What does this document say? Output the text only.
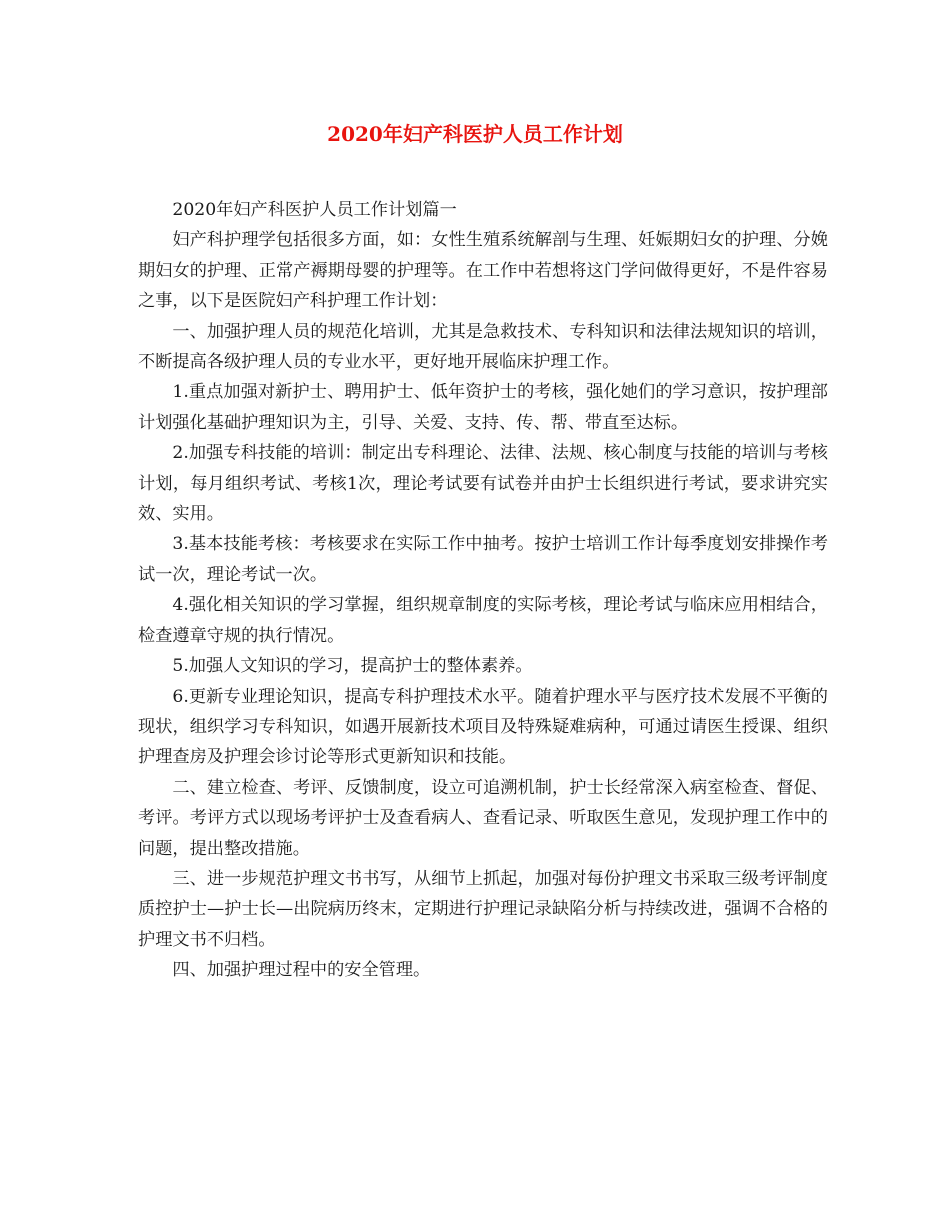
2020年妇产科医护人员工作计划

2020年妇产科医护人员工作计划篇一

妇产科护理学包括很多方面，如：女性生殖系统解剖与生理、妊娠期妇女的护理、分娩期妇女的护理、正常产褥期母婴的护理等。在工作中若想将这门学问做得更好，不是件容易之事，以下是医院妇产科护理工作计划：

一、加强护理人员的规范化培训，尤其是急救技术、专科知识和法律法规知识的培训，不断提高各级护理人员的专业水平，更好地开展临床护理工作。

1.重点加强对新护士、聘用护士、低年资护士的考核，强化她们的学习意识，按护理部计划强化基础护理知识为主，引导、关爱、支持、传、帮、带直至达标。

2.加强专科技能的培训：制定出专科理论、法律、法规、核心制度与技能的培训与考核计划，每月组织考试、考核1次，理论考试要有试卷并由护士长组织进行考试，要求讲究实效、实用。

3.基本技能考核：考核要求在实际工作中抽考。按护士培训工作计每季度划安排操作考试一次，理论考试一次。

4.强化相关知识的学习掌握，组织规章制度的实际考核，理论考试与临床应用相结合，检查遵章守规的执行情况。

5.加强人文知识的学习，提高护士的整体素养。

6.更新专业理论知识，提高专科护理技术水平。随着护理水平与医疗技术发展不平衡的现状，组织学习专科知识，如遇开展新技术项目及特殊疑难病种，可通过请医生授课、组织护理查房及护理会诊讨论等形式更新知识和技能。

二、建立检查、考评、反馈制度，设立可追溯机制，护士长经常深入病室检查、督促、考评。考评方式以现场考评护士及查看病人、查看记录、听取医生意见，发现护理工作中的问题，提出整改措施。

三、进一步规范护理文书书写，从细节上抓起，加强对每份护理文书采取三级考评制度质控护士—护士长—出院病历终末，定期进行护理记录缺陷分析与持续改进，强调不合格的护理文书不归档。

四、加强护理过程中的安全管理。
